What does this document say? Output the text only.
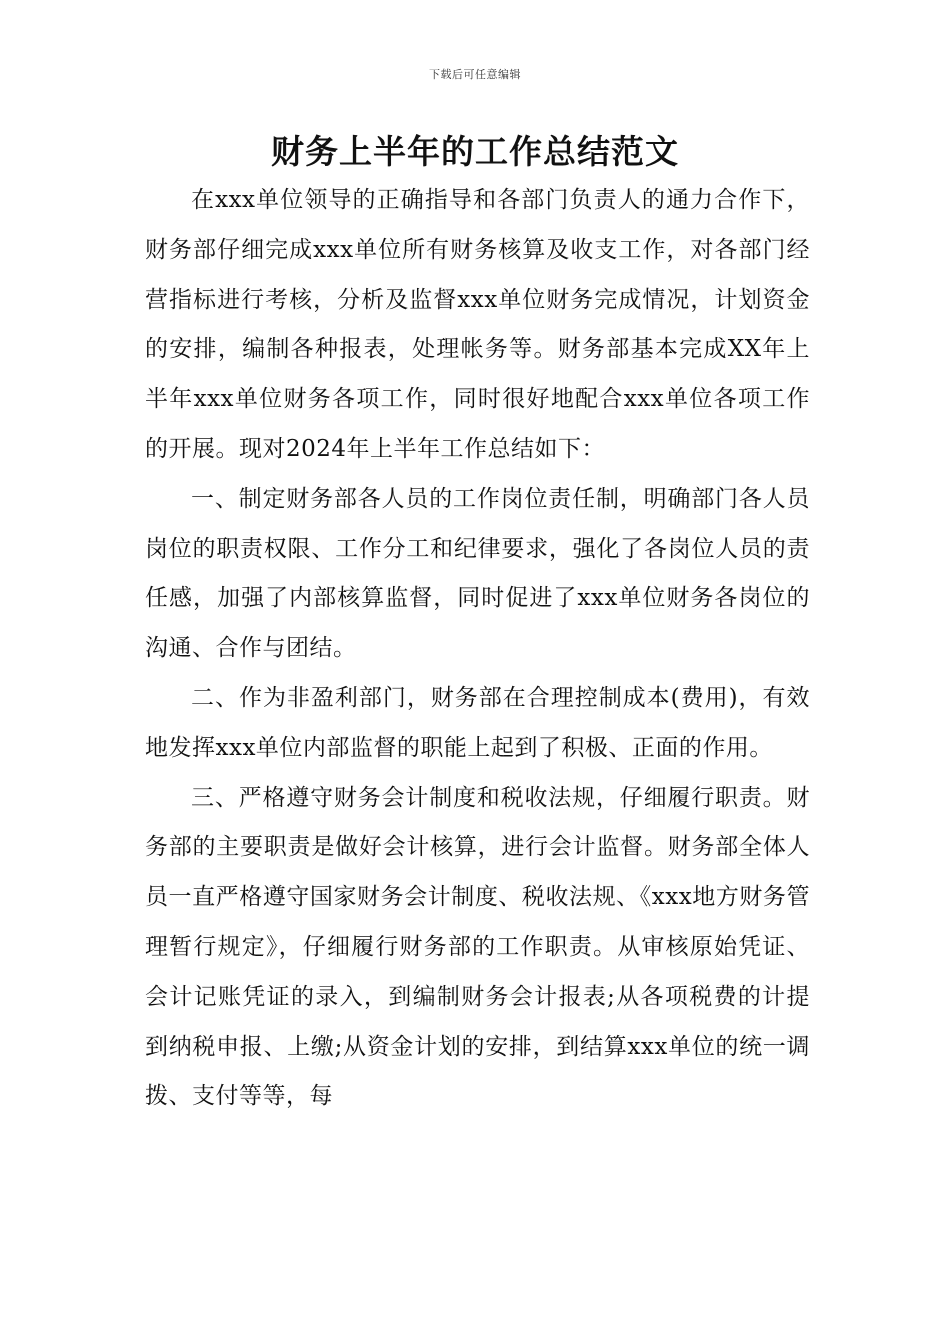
下载后可任意编辑
财务上半年的工作总结范文

在xxx单位领导的正确指导和各部门负责人的通力合作下，财务部仔细完成xxx单位所有财务核算及收支工作，对各部门经营指标进行考核，分析及监督xxx单位财务完成情况，计划资金的安排，编制各种报表，处理帐务等。财务部基本完成XX年上半年xxx单位财务各项工作，同时很好地配合xxx单位各项工作的开展。现对2024年上半年工作总结如下：

一、制定财务部各人员的工作岗位责任制，明确部门各人员岗位的职责权限、工作分工和纪律要求，强化了各岗位人员的责任感，加强了内部核算监督，同时促进了xxx单位财务各岗位的沟通、合作与团结。

二、作为非盈利部门，财务部在合理控制成本(费用)，有效地发挥xxx单位内部监督的职能上起到了积极、正面的作用。

三、严格遵守财务会计制度和税收法规，仔细履行职责。财务部的主要职责是做好会计核算，进行会计监督。财务部全体人员一直严格遵守国家财务会计制度、税收法规、《xxx地方财务管理暂行规定》，仔细履行财务部的工作职责。从审核原始凭证、会计记账凭证的录入，到编制财务会计报表;从各项税费的计提到纳税申报、上缴;从资金计划的安排，到结算xxx单位的统一调拨、支付等等，每
